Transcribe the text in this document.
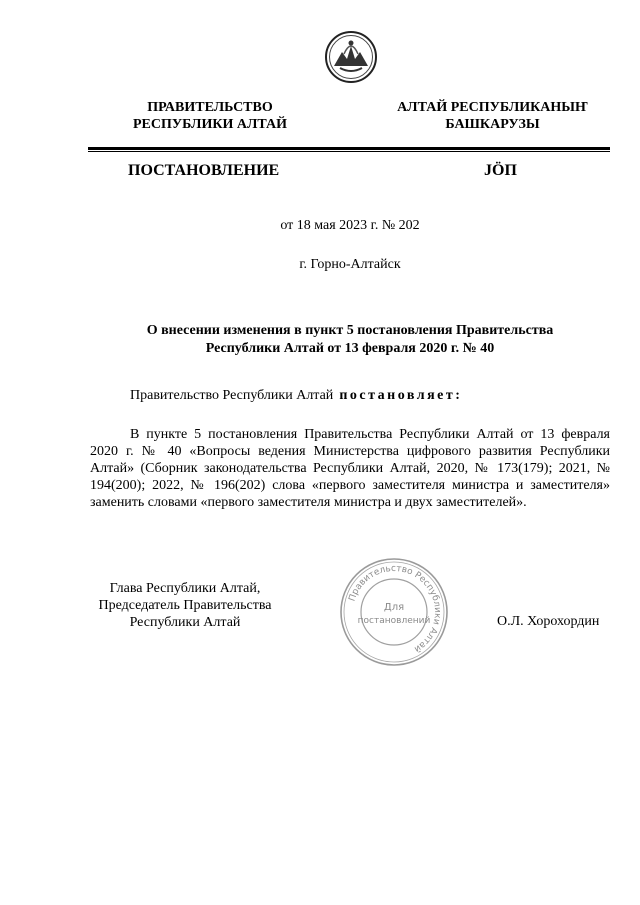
ПРАВИТЕЛЬСТВО
РЕСПУБЛИКИ АЛТАЙ
АЛТАЙ РЕСПУБЛИКАНЫҤ
БАШКАРУЗЫ
ПОСТАНОВЛЕНИЕ	JӦП
от 18 мая 2023 г. № 202
г. Горно-Алтайск
О внесении изменения в пункт 5 постановления Правительства
Республики Алтай от 13 февраля 2020 г. № 40
Правительство Республики Алтай постановляет:
В пункте 5 постановления Правительства Республики Алтай от 13 февраля 2020 г. № 40 «Вопросы ведения Министерства цифрового развития Республики Алтай» (Сборник законодательства Республики Алтай, 2020, № 173(179); 2021, № 194(200); 2022, № 196(202) слова «первого заместителя министра и заместителя» заменить словами «первого заместителя министра и двух заместителей».
Глава Республики Алтай,
Председатель Правительства
Республики Алтай	О.Л. Хорохордин
Правительство Республики Алтай
Для
постановлений
